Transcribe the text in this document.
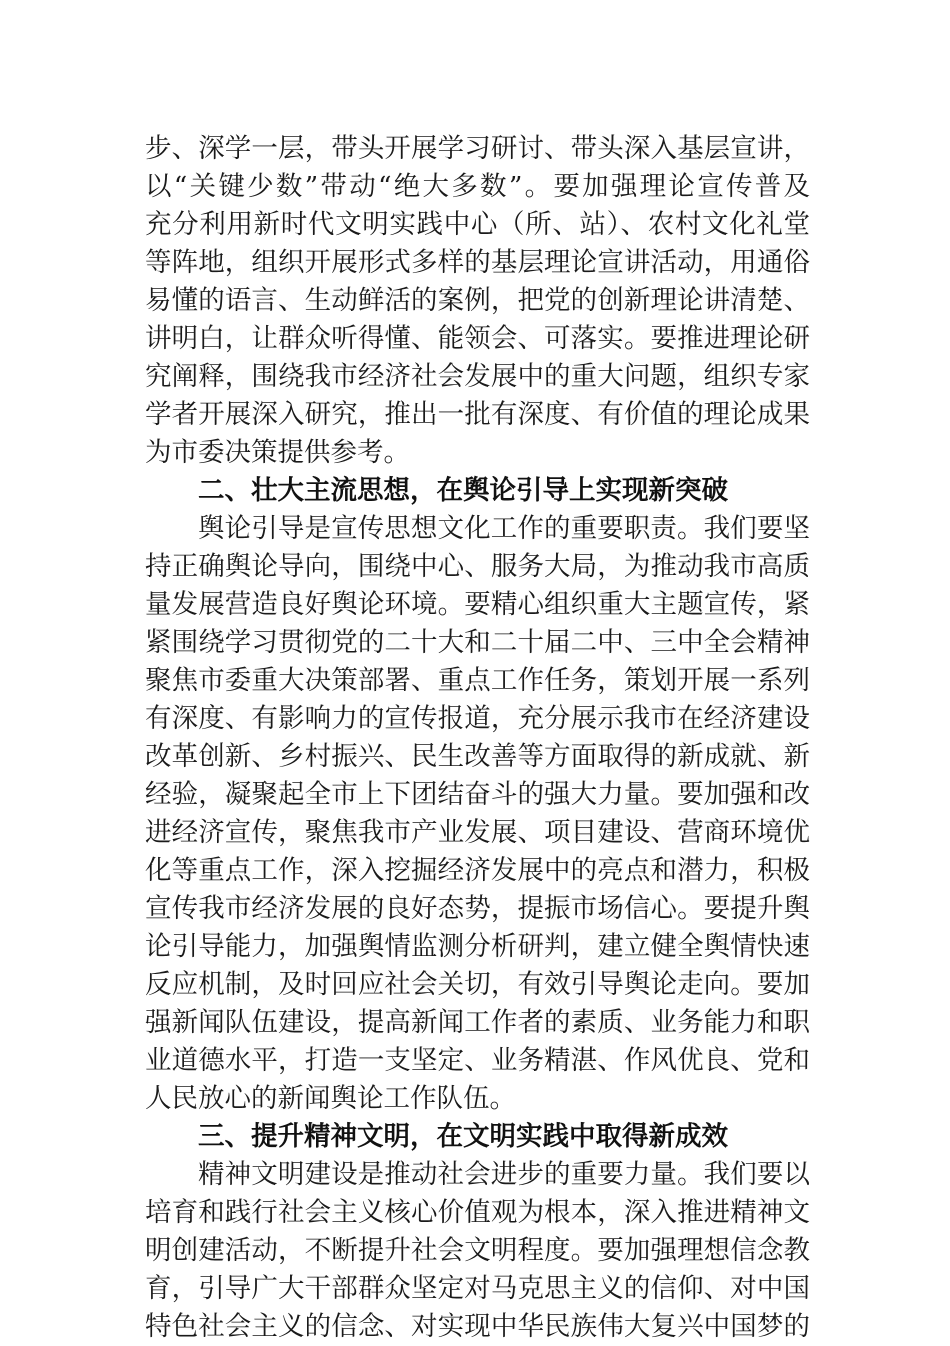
步、深学一层，带头开展学习研讨、带头深入基层宣讲，
以“关键少数”带动“绝大多数”。要加强理论宣传普及
充分利用新时代文明实践中心（所、站）、农村文化礼堂
等阵地，组织开展形式多样的基层理论宣讲活动，用通俗
易懂的语言、生动鲜活的案例，把党的创新理论讲清楚、
讲明白，让群众听得懂、能领会、可落实。要推进理论研
究阐释，围绕我市经济社会发展中的重大问题，组织专家
学者开展深入研究，推出一批有深度、有价值的理论成果
为市委决策提供参考。
二、壮大主流思想，在舆论引导上实现新突破
舆论引导是宣传思想文化工作的重要职责。我们要坚
持正确舆论导向，围绕中心、服务大局，为推动我市高质
量发展营造良好舆论环境。要精心组织重大主题宣传，紧
紧围绕学习贯彻党的二十大和二十届二中、三中全会精神
聚焦市委重大决策部署、重点工作任务，策划开展一系列
有深度、有影响力的宣传报道，充分展示我市在经济建设
改革创新、乡村振兴、民生改善等方面取得的新成就、新
经验，凝聚起全市上下团结奋斗的强大力量。要加强和改
进经济宣传，聚焦我市产业发展、项目建设、营商环境优
化等重点工作，深入挖掘经济发展中的亮点和潜力，积极
宣传我市经济发展的良好态势，提振市场信心。要提升舆
论引导能力，加强舆情监测分析研判，建立健全舆情快速
反应机制，及时回应社会关切，有效引导舆论走向。要加
强新闻队伍建设，提高新闻工作者的素质、业务能力和职
业道德水平，打造一支坚定、业务精湛、作风优良、党和
人民放心的新闻舆论工作队伍。
三、提升精神文明，在文明实践中取得新成效
精神文明建设是推动社会进步的重要力量。我们要以
培育和践行社会主义核心价值观为根本，深入推进精神文
明创建活动，不断提升社会文明程度。要加强理想信念教
育，引导广大干部群众坚定对马克思主义的信仰、对中国
特色社会主义的信念、对实现中华民族伟大复兴中国梦的
